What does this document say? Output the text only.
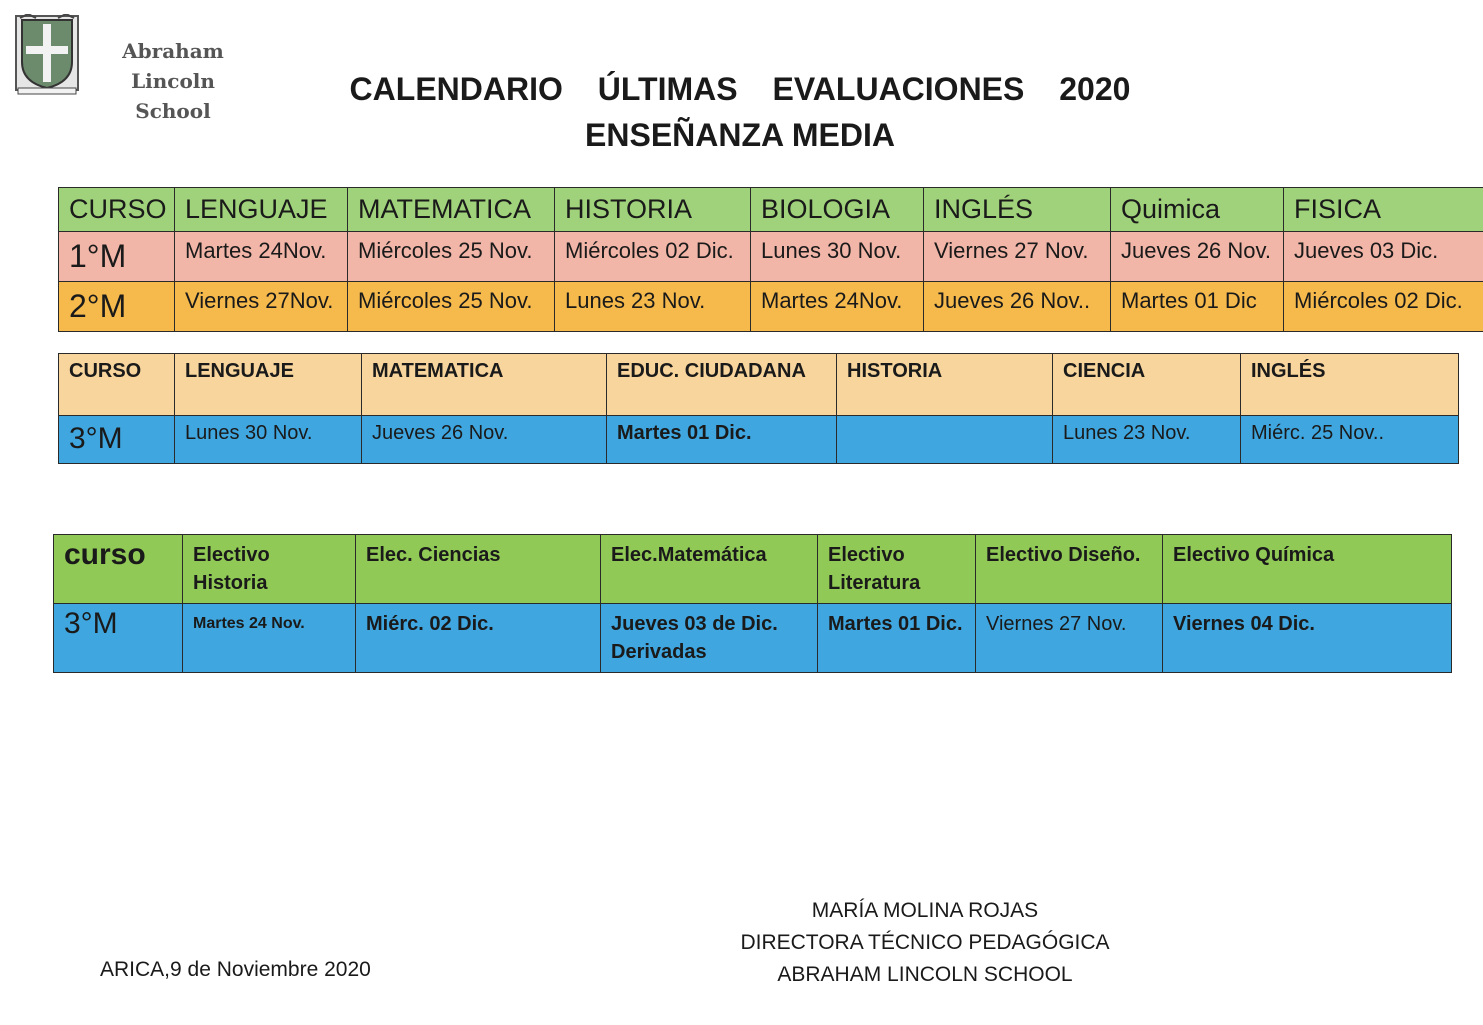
Abraham Lincoln
School
CALENDARIO ÚLTIMAS EVALUACIONES 2020
ENSEÑANZA MEDIA
CURSO	LENGUAJE	MATEMATICA	HISTORIA	BIOLOGIA	INGLÉS	Quimica	FISICA
1°M	Martes 24Nov.	Miércoles 25 Nov.	Miércoles 02 Dic.	Lunes 30 Nov.	Viernes 27 Nov.	Jueves 26 Nov.	Jueves 03 Dic.
2°M	Viernes 27Nov.	Miércoles 25 Nov.	Lunes 23 Nov.	Martes 24Nov.	Jueves 26 Nov..	Martes 01 Dic	Miércoles 02 Dic.
CURSO	LENGUAJE	MATEMATICA	EDUC. CIUDADANA	HISTORIA	CIENCIA	INGLÉS
3°M	Lunes 30 Nov.	Jueves 26 Nov.	Martes 01 Dic.		Lunes 23 Nov.	Miérc. 25 Nov..
curso	Electivo Historia	Elec. Ciencias	Elec.Matemática	Electivo Literatura	Electivo Diseño.	Electivo Química
3°M	Martes 24 Nov.	Miérc. 02 Dic.	Jueves 03 de Dic. Derivadas	Martes 01 Dic.	Viernes 27 Nov.	Viernes 04 Dic.
ARICA,9 de Noviembre 2020
MARÍA MOLINA ROJAS
DIRECTORA TÉCNICO PEDAGÓGICA
ABRAHAM LINCOLN SCHOOL
